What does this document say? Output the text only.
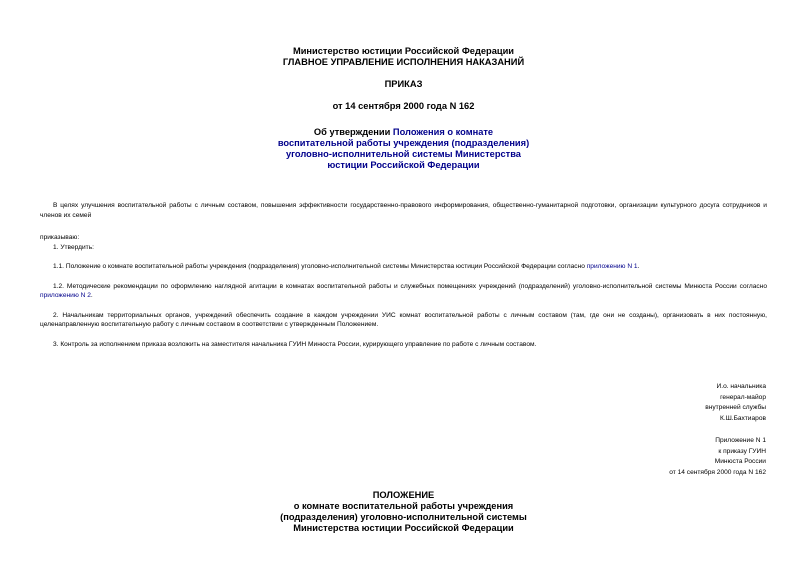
Министерство юстиции Российской Федерации

ГЛАВНОЕ УПРАВЛЕНИЕ ИСПОЛНЕНИЯ НАКАЗАНИЙ

ПРИКАЗ

от 14 сентября 2000 года N 162

Об утверждении Положения о комнате

воспитательной работы учреждения (подразделения)

уголовно-исполнительной системы Министерства

юстиции Российской Федерации

В целях улучшения воспитательной работы с личным составом, повышения эффективности государственно-правового информирования, общественно-гуманитарной подготовки, организации культурного досуга сотрудников и членов их семей

приказываю:

1. Утвердить:

1.1. Положение о комнате воспитательной работы учреждения (подразделения) уголовно-исполнительной системы Министерства юстиции Российской Федерации согласно приложению N 1.

1.2. Методические рекомендации по оформлению наглядной агитации в комнатах воспитательной работы и служебных помещениях учреждений (подразделений) уголовно-исполнительной системы Минюста России согласно приложению N 2.

2. Начальникам территориальных органов, учреждений обеспечить создание в каждом учреждении УИС комнат воспитательной работы с личным составом (там, где они не созданы), организовать в них постоянную, целенаправленную воспитательную работу с личным составом в соответствии с утвержденным Положением.

3. Контроль за исполнением приказа возложить на заместителя начальника ГУИН Минюста России, курирующего управление по работе с личным составом.

И.о. начальника

генерал-майор

внутренней службы

К.Ш.Бахтиаров

Приложение N 1

к приказу ГУИН

Минюста России

от 14 сентября 2000 года N 162

ПОЛОЖЕНИЕ

о комнате воспитательной работы учреждения

(подразделения) уголовно-исполнительной системы

Министерства юстиции Российской Федерации
